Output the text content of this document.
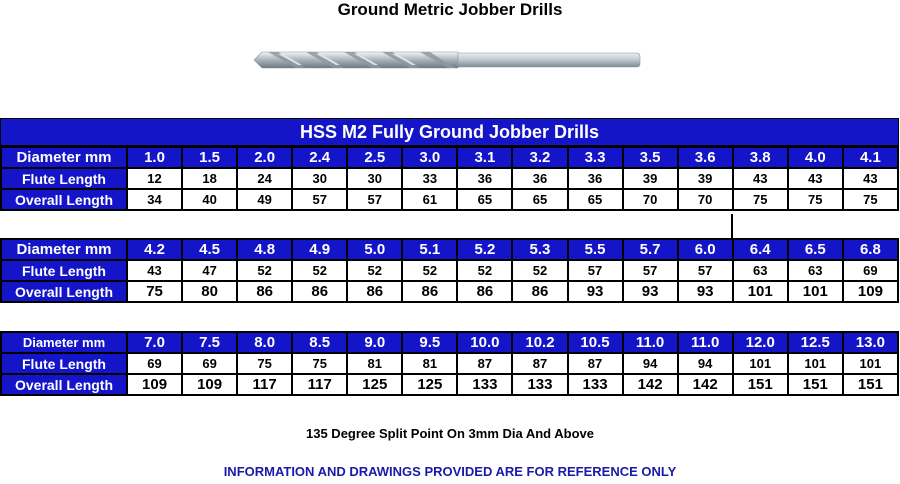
Ground Metric Jobber Drills
HSS M2 Fully Ground Jobber Drills
Diameter mm	1.0	1.5	2.0	2.4	2.5	3.0	3.1	3.2	3.3	3.5	3.6	3.8	4.0	4.1
Flute Length	12	18	24	30	30	33	36	36	36	39	39	43	43	43
Overall Length	34	40	49	57	57	61	65	65	65	70	70	75	75	75
Diameter mm	4.2	4.5	4.8	4.9	5.0	5.1	5.2	5.3	5.5	5.7	6.0	6.4	6.5	6.8
Flute Length	43	47	52	52	52	52	52	52	57	57	57	63	63	69
Overall Length	75	80	86	86	86	86	86	86	93	93	93	101	101	109
Diameter mm	7.0	7.5	8.0	8.5	9.0	9.5	10.0	10.2	10.5	11.0	11.0	12.0	12.5	13.0
Flute Length	69	69	75	75	81	81	87	87	87	94	94	101	101	101
Overall Length	109	109	117	117	125	125	133	133	133	142	142	151	151	151
135 Degree Split Point On 3mm Dia And Above
INFORMATION AND DRAWINGS PROVIDED ARE FOR REFERENCE ONLY
